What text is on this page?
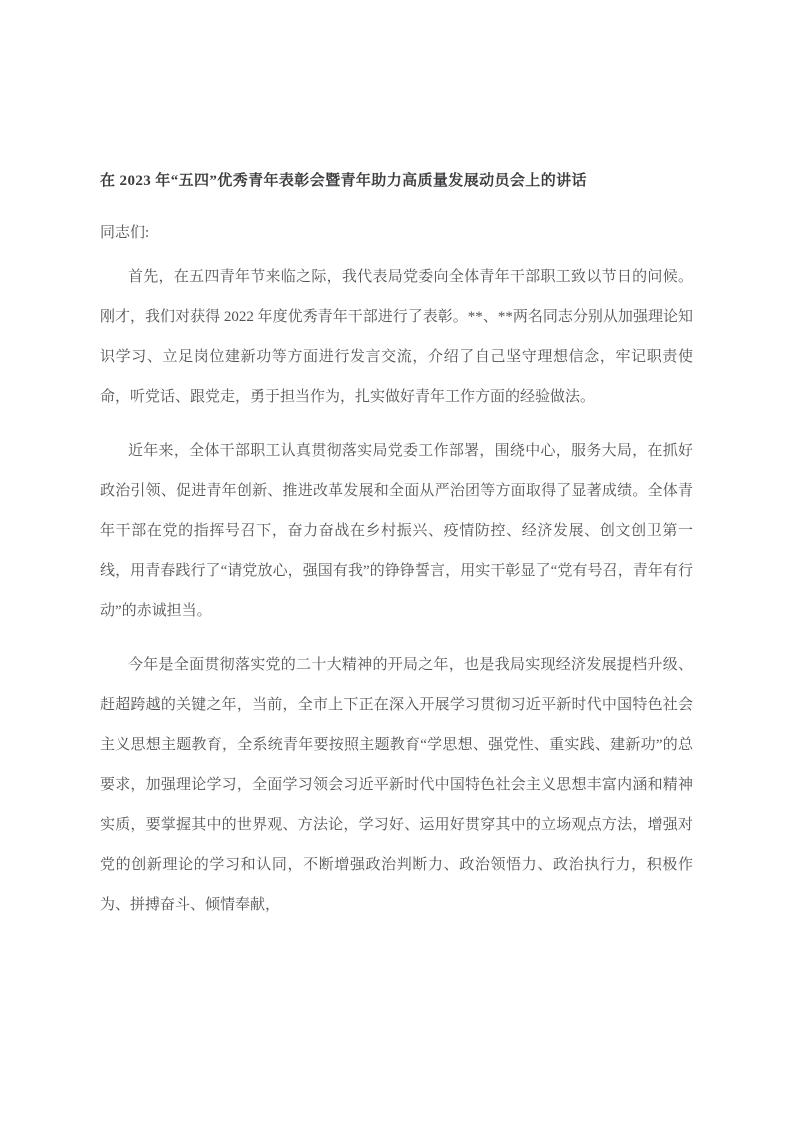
在 2023 年“五四”优秀青年表彰会暨青年助力高质量发展动员会上的讲话

同志们:

首先，在五四青年节来临之际，我代表局党委向全体青年干部职工致以节日的问候。刚才，我们对获得 2022 年度优秀青年干部进行了表彰。**、**两名同志分别从加强理论知识学习、立足岗位建新功等方面进行发言交流，介绍了自己坚守理想信念，牢记职责使命，听党话、跟党走，勇于担当作为，扎实做好青年工作方面的经验做法。

近年来，全体干部职工认真贯彻落实局党委工作部署，围绕中心，服务大局，在抓好政治引领、促进青年创新、推进改革发展和全面从严治团等方面取得了显著成绩。全体青年干部在党的指挥号召下，奋力奋战在乡村振兴、疫情防控、经济发展、创文创卫第一线，用青春践行了“请党放心，强国有我”的铮铮誓言，用实干彰显了“党有号召，青年有行动”的赤诚担当。

今年是全面贯彻落实党的二十大精神的开局之年，也是我局实现经济发展提档升级、赶超跨越的关键之年，当前，全市上下正在深入开展学习贯彻习近平新时代中国特色社会主义思想主题教育，全系统青年要按照主题教育“学思想、强党性、重实践、建新功”的总要求，加强理论学习，全面学习领会习近平新时代中国特色社会主义思想丰富内涵和精神实质，要掌握其中的世界观、方法论，学习好、运用好贯穿其中的立场观点方法，增强对党的创新理论的学习和认同，不断增强政治判断力、政治领悟力、政治执行力，积极作为、拼搏奋斗、倾情奉献，
